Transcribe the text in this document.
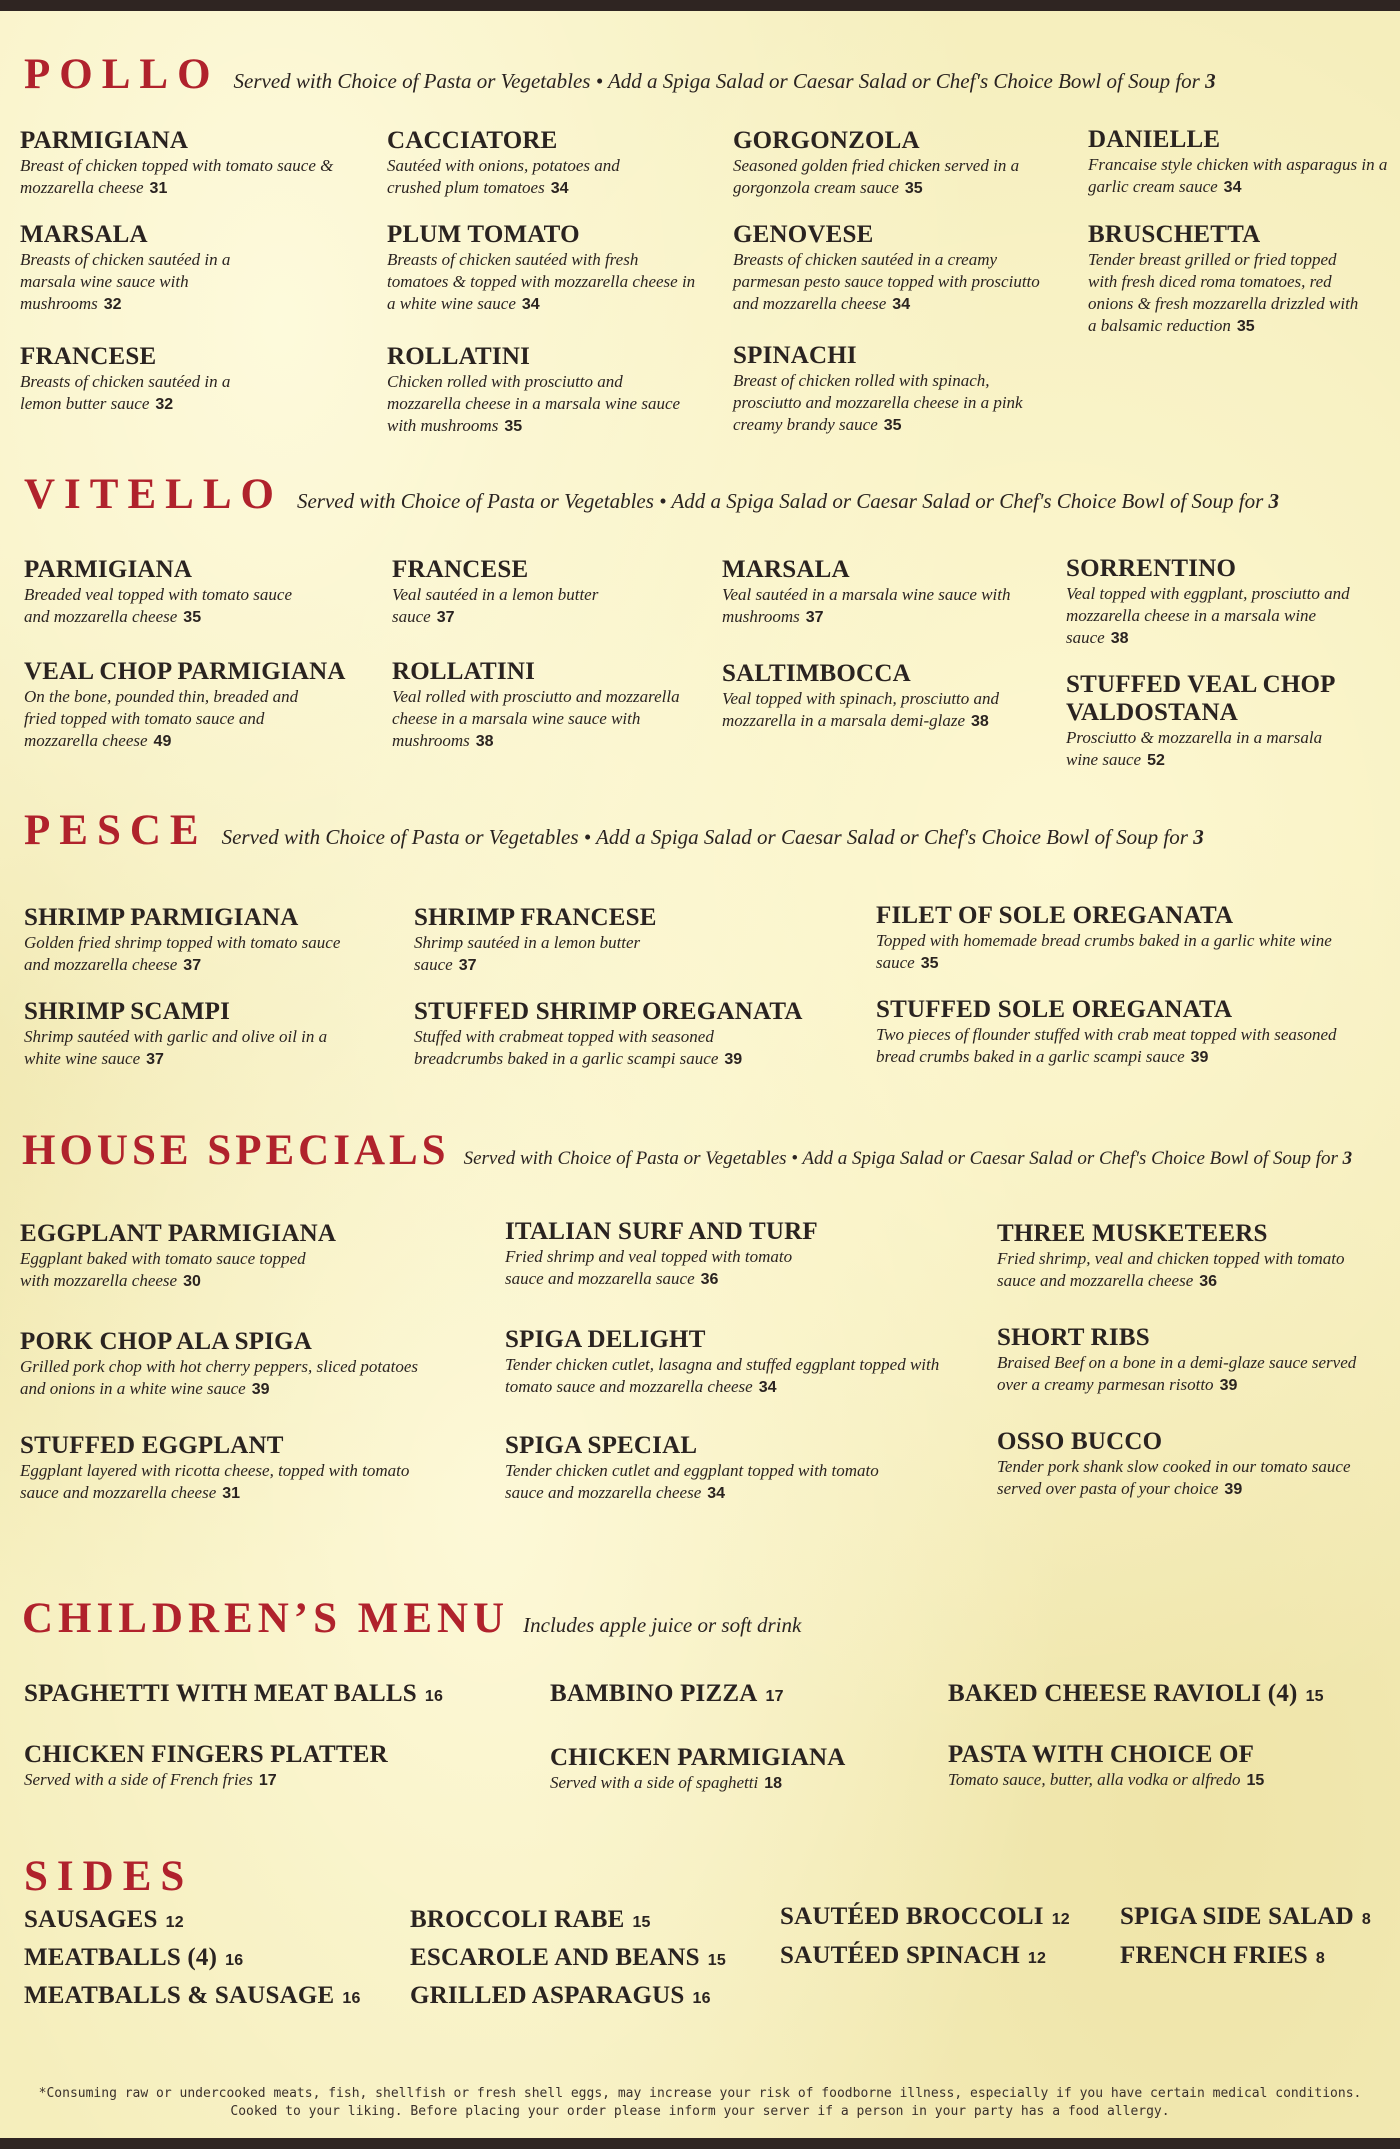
POLLO Served with Choice of Pasta or Vegetables • Add a Spiga Salad or Caesar Salad or Chef's Choice Bowl of Soup for 3
PARMIGIANA
Breast of chicken topped with tomato sauce & mozzarella cheese 31
MARSALA
Breasts of chicken sautéed in a marsala wine sauce with mushrooms 32
FRANCESE
Breasts of chicken sautéed in a lemon butter sauce 32
CACCIATORE
Sautéed with onions, potatoes and crushed plum tomatoes 34
PLUM TOMATO
Breasts of chicken sautéed with fresh tomatoes & topped with mozzarella cheese in a white wine sauce 34
ROLLATINI
Chicken rolled with prosciutto and mozzarella cheese in a marsala wine sauce with mushrooms 35
GORGONZOLA
Seasoned golden fried chicken served in a gorgonzola cream sauce 35
GENOVESE
Breasts of chicken sautéed in a creamy parmesan pesto sauce topped with prosciutto and mozzarella cheese 34
SPINACHI
Breast of chicken rolled with spinach, prosciutto and mozzarella cheese in a pink creamy brandy sauce 35
DANIELLE
Francaise style chicken with asparagus in a garlic cream sauce 34
BRUSCHETTA
Tender breast grilled or fried topped with fresh diced roma tomatoes, red onions & fresh mozzarella drizzled with a balsamic reduction 35
VITELLO Served with Choice of Pasta or Vegetables • Add a Spiga Salad or Caesar Salad or Chef's Choice Bowl of Soup for 3
PARMIGIANA
Breaded veal topped with tomato sauce and mozzarella cheese 35
VEAL CHOP PARMIGIANA
On the bone, pounded thin, breaded and fried topped with tomato sauce and mozzarella cheese 49
FRANCESE
Veal sautéed in a lemon butter sauce 37
ROLLATINI
Veal rolled with prosciutto and mozzarella cheese in a marsala wine sauce with mushrooms 38
MARSALA
Veal sautéed in a marsala wine sauce with mushrooms 37
SALTIMBOCCA
Veal topped with spinach, prosciutto and mozzarella in a marsala demi-glaze 38
SORRENTINO
Veal topped with eggplant, prosciutto and mozzarella cheese in a marsala wine sauce 38
STUFFED VEAL CHOP VALDOSTANA
Prosciutto & mozzarella in a marsala wine sauce 52
PESCE Served with Choice of Pasta or Vegetables • Add a Spiga Salad or Caesar Salad or Chef's Choice Bowl of Soup for 3
SHRIMP PARMIGIANA
Golden fried shrimp topped with tomato sauce and mozzarella cheese 37
SHRIMP SCAMPI
Shrimp sautéed with garlic and olive oil in a white wine sauce 37
SHRIMP FRANCESE
Shrimp sautéed in a lemon butter sauce 37
STUFFED SHRIMP OREGANATA
Stuffed with crabmeat topped with seasoned breadcrumbs baked in a garlic scampi sauce 39
FILET OF SOLE OREGANATA
Topped with homemade bread crumbs baked in a garlic white wine sauce 35
STUFFED SOLE OREGANATA
Two pieces of flounder stuffed with crab meat topped with seasoned bread crumbs baked in a garlic scampi sauce 39
HOUSE SPECIALS Served with Choice of Pasta or Vegetables • Add a Spiga Salad or Caesar Salad or Chef's Choice Bowl of Soup for 3
EGGPLANT PARMIGIANA
Eggplant baked with tomato sauce topped with mozzarella cheese 30
PORK CHOP ALA SPIGA
Grilled pork chop with hot cherry peppers, sliced potatoes and onions in a white wine sauce 39
STUFFED EGGPLANT
Eggplant layered with ricotta cheese, topped with tomato sauce and mozzarella cheese 31
ITALIAN SURF AND TURF
Fried shrimp and veal topped with tomato sauce and mozzarella sauce 36
SPIGA DELIGHT
Tender chicken cutlet, lasagna and stuffed eggplant topped with tomato sauce and mozzarella cheese 34
SPIGA SPECIAL
Tender chicken cutlet and eggplant topped with tomato sauce and mozzarella cheese 34
THREE MUSKETEERS
Fried shrimp, veal and chicken topped with tomato sauce and mozzarella cheese 36
SHORT RIBS
Braised Beef on a bone in a demi-glaze sauce served over a creamy parmesan risotto 39
OSSO BUCCO
Tender pork shank slow cooked in our tomato sauce served over pasta of your choice 39
CHILDREN’S MENU Includes apple juice or soft drink
SPAGHETTI WITH MEAT BALLS 16
CHICKEN FINGERS PLATTER
Served with a side of French fries 17
BAMBINO PIZZA 17
CHICKEN PARMIGIANA
Served with a side of spaghetti 18
BAKED CHEESE RAVIOLI (4) 15
PASTA WITH CHOICE OF
Tomato sauce, butter, alla vodka or alfredo 15
SIDES
SAUSAGES 12
MEATBALLS (4) 16
MEATBALLS & SAUSAGE 16
BROCCOLI RABE 15
ESCAROLE AND BEANS 15
GRILLED ASPARAGUS 16
SAUTÉED BROCCOLI 12
SAUTÉED SPINACH 12
SPIGA SIDE SALAD 8
FRENCH FRIES 8
*Consuming raw or undercooked meats, fish, shellfish or fresh shell eggs, may increase your risk of foodborne illness, especially if you have certain medical conditions.
Cooked to your liking. Before placing your order please inform your server if a person in your party has a food allergy.
